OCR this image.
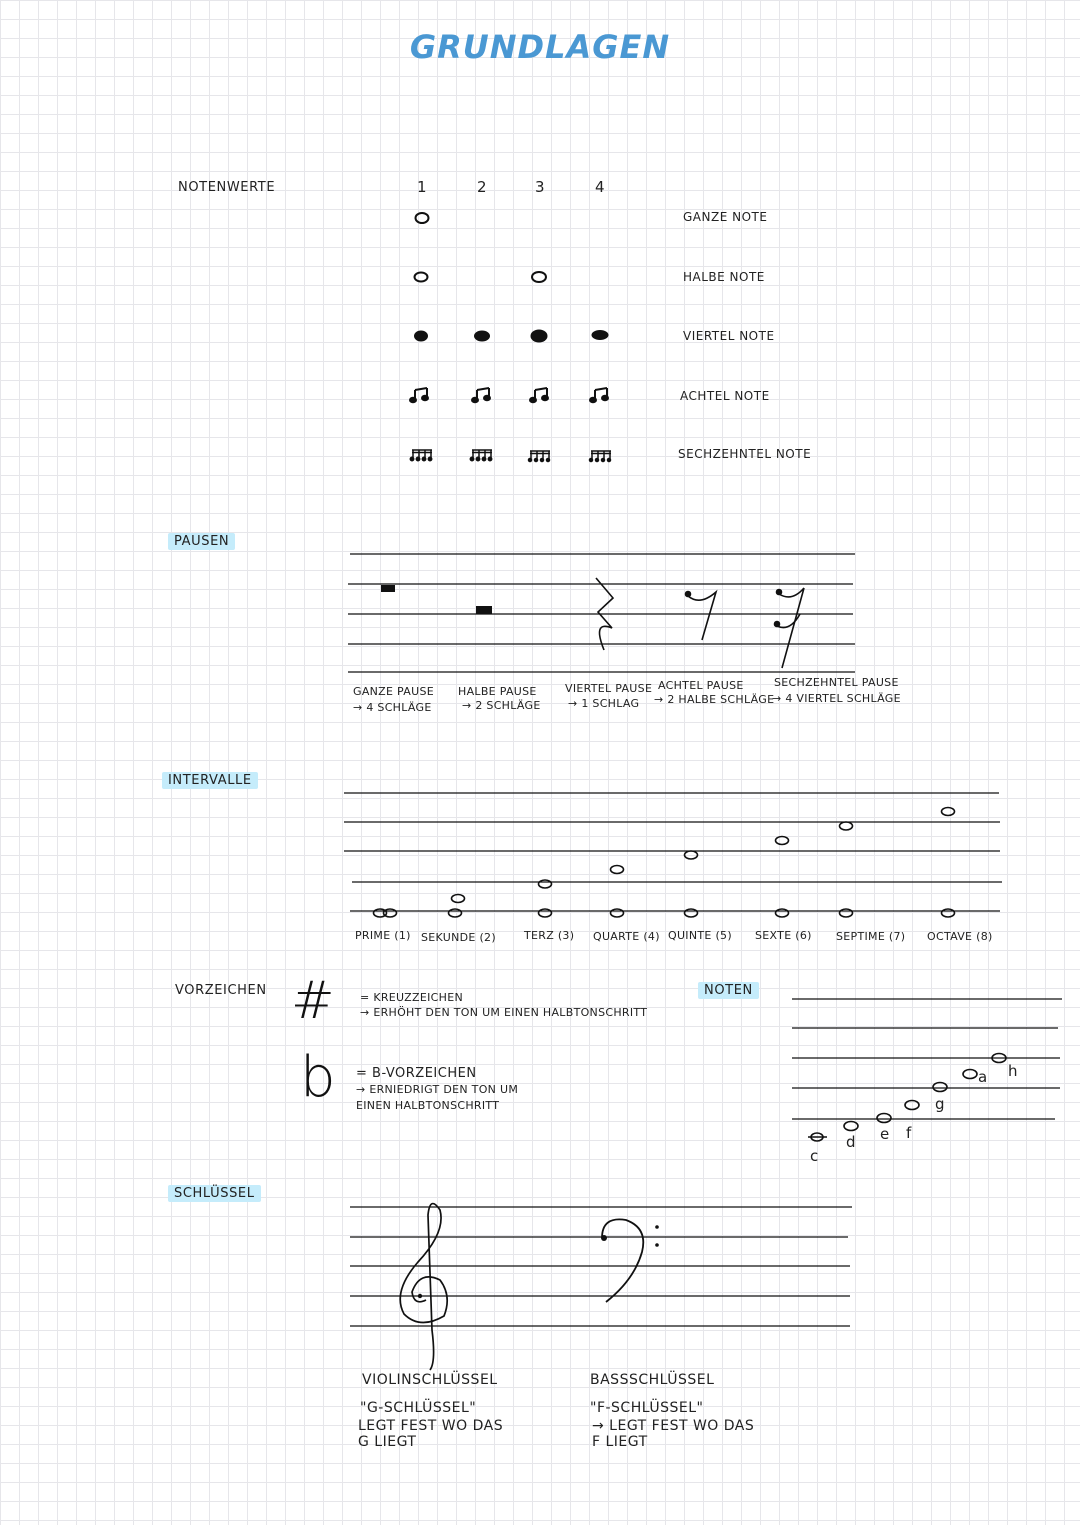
GRUNDLAGEN
NOTENWERTE
PAUSEN
INTERVALLE
VORZEICHEN	NOTEN
SCHLÜSSEL
1	2	3	4
GANZE NOTE
HALBE NOTE
VIERTEL NOTE
ACHTEL NOTE
SECHZEHNTEL NOTE
GANZE PAUSE
→ 4 SCHLÄGE
HALBE PAUSE
→ 2 SCHLÄGE
VIERTEL PAUSE
→ 1 SCHLAG
ACHTEL PAUSE
→ 2 HALBE SCHLÄGE
SECHZEHNTEL PAUSE
→ 4 VIERTEL SCHLÄGE
PRIME (1) SEKUNDE (2)	TERZ (3) QUARTE (4) QUINTE (5) SEXTE (6) SEPTIME (7) OCTAVE (8)
# = KREUZZEICHEN
→ ERHÖHT DEN TON UM EINEN HALBTONSCHRITT
b = B-VORZEICHEN
→ ERNIEDRIGT DEN TON UM
EINEN HALBTONSCHRITT
c
d e f
g
a h
VIOLINSCHLÜSSEL
"G-SCHLÜSSEL"
LEGT FEST WO DAS
G LIEGT
BASSSCHLÜSSEL
"F-SCHLÜSSEL"
→ LEGT FEST WO DAS
F LIEGT
